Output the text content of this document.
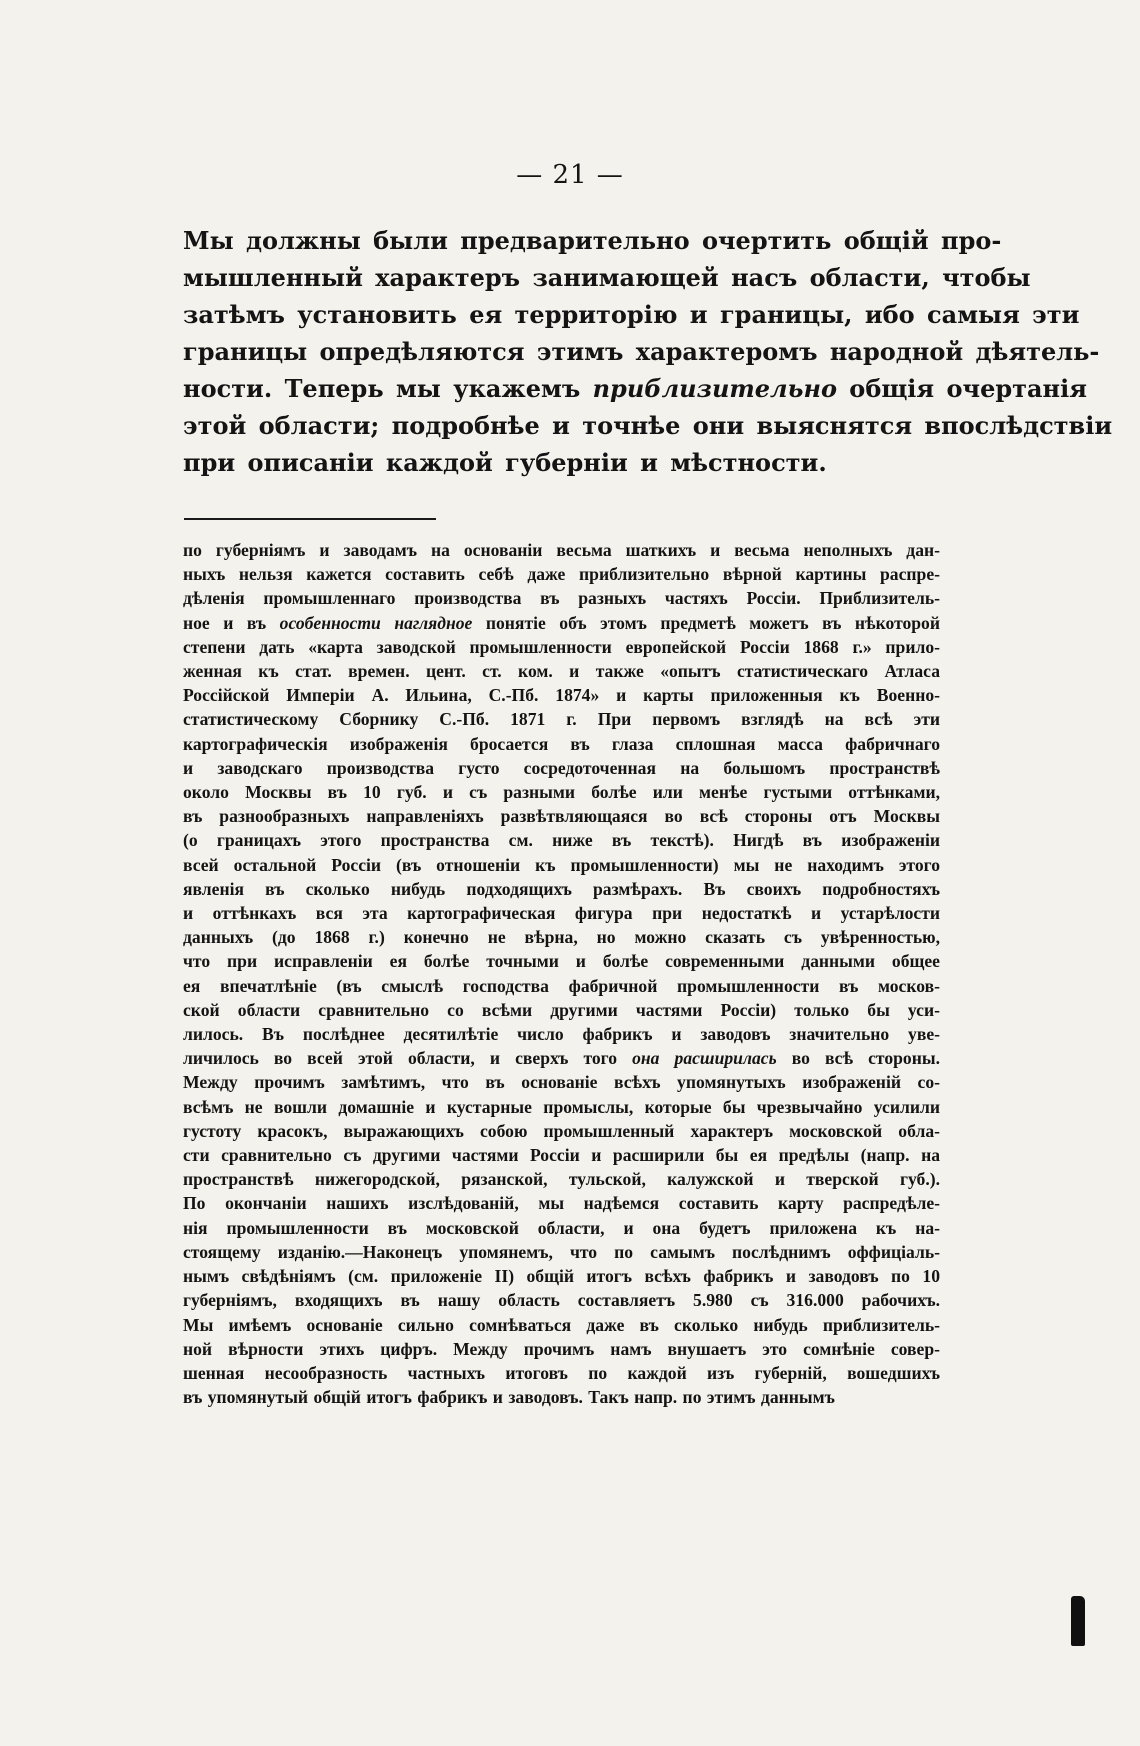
— 21 —

Мы должны были предварительно очертить общій про-
мышленный характеръ занимающей насъ области, чтобы
затѣмъ установить ея территорію и границы, ибо самыя эти
границы опредѣляются этимъ характеромъ народной дѣятель-
ности. Теперь мы укажемъ приблизительно общія очертанія
этой области; подробнѣе и точнѣе они выяснятся впослѣдствіи
при описаніи каждой губерніи и мѣстности.

по губерніямъ и заводамъ на основаніи весьма шаткихъ и весьма неполныхъ дан-
ныхъ нельзя кажется составить себѣ даже приблизительно вѣрной картины распре-
дѣленія промышленнаго производства въ разныхъ частяхъ Россіи. Приблизитель-
ное и въ особенности наглядное понятіе объ этомъ предметѣ можетъ въ нѣкоторой
степени дать «карта заводской промышленности европейской Россіи 1868 г.» прило-
женная къ стат. времен. цент. ст. ком. и также «опытъ статистическаго Атласа
Россійской Имперіи А. Ильина, С.-Пб. 1874» и карты приложенныя къ Военно-
статистическому Сборнику С.-Пб. 1871 г. При первомъ взглядѣ на всѣ эти
картографическія изображенія бросается въ глаза сплошная масса фабричнаго
и заводскаго производства густо сосредоточенная на большомъ пространствѣ
около Москвы въ 10 губ. и съ разными болѣе или менѣе густыми оттѣнками,
въ разнообразныхъ направленіяхъ развѣтвляющаяся во всѣ стороны отъ Москвы
(о границахъ этого пространства см. ниже въ текстѣ). Нигдѣ въ изображеніи
всей остальной Россіи (въ отношеніи къ промышленности) мы не находимъ этого
явленія въ сколько нибудь подходящихъ размѣрахъ. Въ своихъ подробностяхъ
и оттѣнкахъ вся эта картографическая фигура при недостаткѣ и устарѣлости
данныхъ (до 1868 г.) конечно не вѣрна, но можно сказать съ увѣренностью,
что при исправленіи ея болѣе точными и болѣе современными данными общее
ея впечатлѣніе (въ смыслѣ господства фабричной промышленности въ москов-
ской области сравнительно со всѣми другими частями Россіи) только бы уси-
лилось. Въ послѣднее десятилѣтіе число фабрикъ и заводовъ значительно уве-
личилось во всей этой области, и сверхъ того она расширилась во всѣ стороны.
Между прочимъ замѣтимъ, что въ основаніе всѣхъ упомянутыхъ изображеній со-
всѣмъ не вошли домашніе и кустарные промыслы, которые бы чрезвычайно усилили
густоту красокъ, выражающихъ собою промышленный характеръ московской обла-
сти сравнительно съ другими частями Россіи и расширили бы ея предѣлы (напр. на
пространствѣ нижегородской, рязанской, тульской, калужской и тверской губ.).
По окончаніи нашихъ изслѣдованій, мы надѣемся составить карту распредѣле-
нія промышленности въ московской области, и она будетъ приложена къ на-
стоящему изданію.—Наконецъ упомянемъ, что по самымъ послѣднимъ оффиціаль-
нымъ свѣдѣніямъ (см. приложеніе II) общій итогъ всѣхъ фабрикъ и заводовъ по 10
губерніямъ, входящихъ въ нашу область составляетъ 5.980 съ 316.000 рабочихъ.
Мы имѣемъ основаніе сильно сомнѣваться даже въ сколько нибудь приблизитель-
ной вѣрности этихъ цифръ. Между прочимъ намъ внушаетъ это сомнѣніе совер-
шенная несообразность частныхъ итоговъ по каждой изъ губерній, вошедшихъ
въ упомянутый общій итогъ фабрикъ и заводовъ. Такъ напр. по этимъ даннымъ
